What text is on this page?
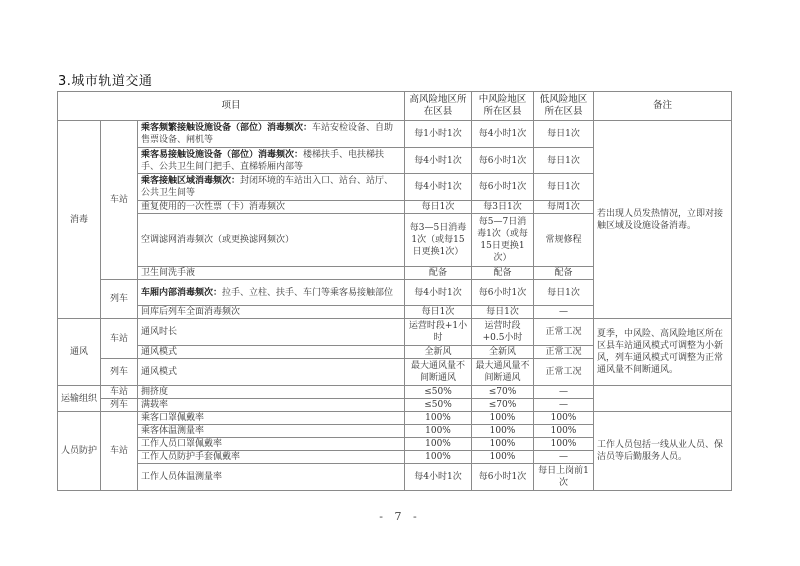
3.城市轨道交通
项目			高风险地区所在区县	中风险地区所在区县	低风险地区所在区县	备注
消毒	车站	乘客频繁接触设施设备（部位）消毒频次：车站安检设备、自助售票设备、闸机等	每1小时1次	每4小时1次	每日1次	若出现人员发热情况，立即对接触区域及设施设备消毒。
		乘客易接触设施设备（部位）消毒频次：楼梯扶手、电扶梯扶手、公共卫生间门把手、直梯轿厢内部等	每4小时1次	每6小时1次	每日1次	
		乘客接触区域消毒频次：封闭环境的车站出入口、站台、站厅、公共卫生间等	每4小时1次	每6小时1次	每日1次	
		重复使用的一次性票（卡）消毒频次	每日1次	每3日1次	每周1次	
		空调滤网消毒频次（或更换滤网频次）	每3—5日消毒1次（或每15日更换1次）	每5—7日消毒1次（或每15日更换1次）	常规修程	
		卫生间洗手液	配备	配备	配备	
	列车	车厢内部消毒频次：拉手、立柱、扶手、车门等乘客易接触部位	每4小时1次	每6小时1次	每日1次	
		回库后列车全面消毒频次	每日1次	每日1次	—	
通风	车站	通风时长	运营时段+1小时	运营时段+0.5小时	正常工况	夏季，中风险、高风险地区所在区县车站通风模式可调整为小新风，列车通风模式可调整为正常通风量不间断通风。
		通风模式	全新风	全新风	正常工况	
	列车	通风模式	最大通风量不间断通风	最大通风量不间断通风	正常工况	
运输组织	车站	拥挤度	≤50%	≤70%	—	
	列车	满载率	≤50%	≤70%	—	
人员防护	车站	乘客口罩佩戴率	100%	100%	100%	工作人员包括一线从业人员、保洁员等后勤服务人员。
		乘客体温测量率	100%	100%	100%	
		工作人员口罩佩戴率	100%	100%	100%	
		工作人员防护手套佩戴率	100%	100%	—	
		工作人员体温测量率	每4小时1次	每6小时1次	每日上岗前1次	
- 7 -
